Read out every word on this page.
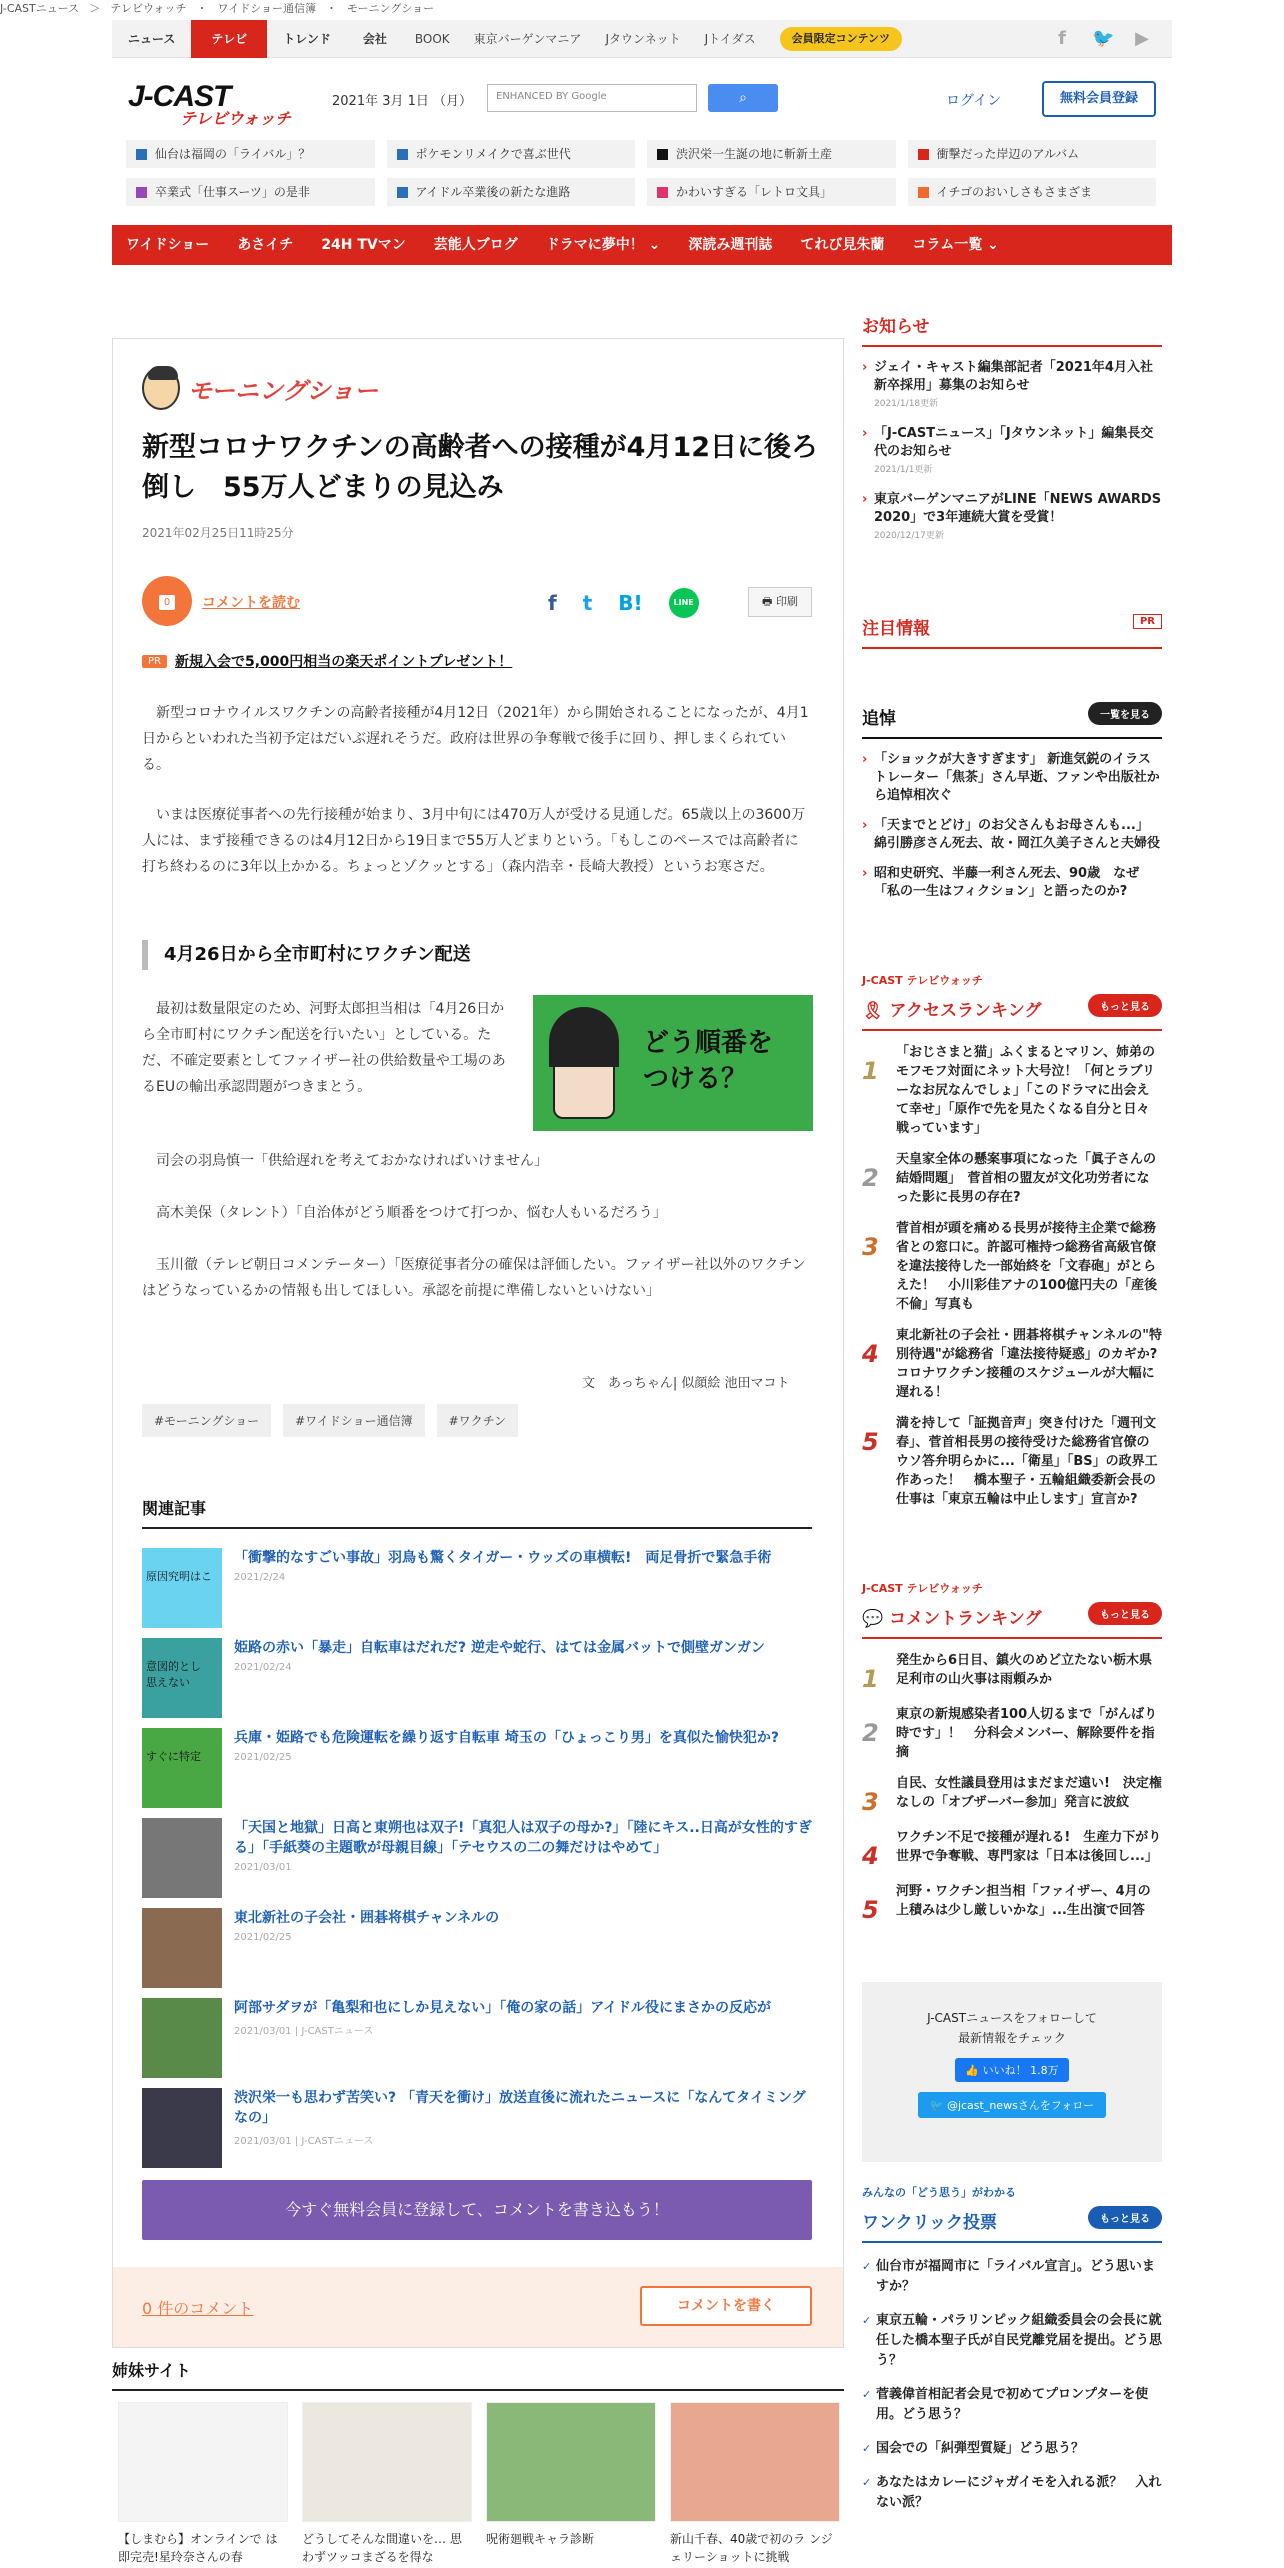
ニュース	テレビ	トレンド	会社	BOOK	東京バーゲンマニア	Jタウンネット	Jトイダス	会員限定コンテンツ	f	🐦 ▶
J-CAST
テレビウォッチ
2021年 3月 1日 （月）	ENHANCED BY Google	⌕	ログイン	無料会員登録
仙台は福岡の「ライバル」？	ポケモンリメイクで喜ぶ世代	渋沢栄一生誕の地に斬新土産	衝撃だった岸辺のアルバム
卒業式「仕事スーツ」の是非	アイドル卒業後の新たな進路	かわいすぎる「レトロ文具」	イチゴのおいしさもさまざま
ワイドショー	あさイチ	24H TVマン	芸能人ブログ	ドラマに夢中！ ⌄	深読み週刊誌	てれび見朱蘭	コラム一覧 ⌄
J-CASTニュース ＞ テレビウォッチ ・ ワイドショー通信簿 ・ モーニングショー
モーニングショー
新型コロナワクチンの高齢者への接種が4月12日に後ろ倒し　55万人どまりの見込み
2021年02月25日11時25分
0	コメントを読む	f t B!	LINE	🖶 印刷
PR	新規入会で5,000円相当の楽天ポイントプレゼント！

新型コロナウイルスワクチンの高齢者接種が4月12日（2021年）から開始されることになったが、4月1日からといわれた当初予定はだいぶ遅れそうだ。政府は世界の争奪戦で後手に回り、押しまくられている。

いまは医療従事者への先行接種が始まり、3月中旬には470万人が受ける見通しだ。65歳以上の3600万人には、まず接種できるのは4月12日から19日まで55万人どまりという。「もしこのペースでは高齢者に打ち終わるのに3年以上かかる。ちょっとゾクッとする」（森内浩幸・長崎大教授）というお寒さだ。

4月26日から全市町村にワクチン配送

最初は数量限定のため、河野太郎担当相は「4月26日から全市町村にワクチン配送を行いたい」としている。ただ、不確定要素としてファイザー社の供給数量や工場のあるEUの輸出承認問題がつきまとう。

どう順番を
つける？

司会の羽鳥慎一「供給遅れを考えておかなければいけません」

高木美保（タレント）「自治体がどう順番をつけて打つか、悩む人もいるだろう」

玉川徹（テレビ朝日コメンテーター）「医療従事者分の確保は評価したい。ファイザー社以外のワクチンはどうなっているかの情報も出してほしい。承認を前提に準備しないといけない」

文　あっちゃん| 似顔絵 池田マコト
#モーニングショー	#ワイドショー通信簿	#ワクチン
関連記事
原因究明はこ
「衝撃的なすごい事故」羽鳥も驚くタイガー・ウッズの車横転!　両足骨折で緊急手術
2021/2/24
意図的とし
思えない
姫路の赤い「暴走」自転車はだれだ? 逆走や蛇行、はては金属バットで側壁ガンガン
2021/02/24
すぐに特定
兵庫・姫路でも危険運転を繰り返す自転車 埼玉の「ひょっこり男」を真似た愉快犯か?
2021/02/25
「天国と地獄」日高と東朔也は双子!「真犯人は双子の母か?」「陸にキス..日高が女性的すぎる」「手紙葵の主題歌が母親目線」「テセウスの二の舞だけはやめて」
2021/03/01
東北新社の子会社・囲碁将棋チャンネルの
2021/02/25
阿部サダヲが「亀梨和也にしか見えない」「俺の家の話」アイドル役にまさかの反応が
2021/03/01 | J-CASTニュース
渋沢栄一も思わず苦笑い? 「青天を衝け」放送直後に流れたニュースに「なんてタイミングなの」
2021/03/01 | J-CASTニュース
今すぐ無料会員に登録して、コメントを書き込もう！
0 件のコメント	コメントを書く
姉妹サイト
【しまむら】オンラインで は即完売!星玲奈さんの春
どうしてそんな間違いを… 思わずツッコまざるを得な
呪術廻戦キャラ診断	新山千春、40歳で初のラ ンジェリーショットに挑戦
お知らせ
› ジェイ・キャスト編集部記者「2021年4月入社新卒採用」募集のお知らせ
2021/1/18更新
› 「J-CASTニュース」「Jタウンネット」編集長交代のお知らせ
2021/1/1更新
› 東京バーゲンマニアがLINE「NEWS AWARDS 2020」で3年連続大賞を受賞！
2020/12/17更新
注目情報	PR
追悼	一覧を見る
› 「ショックが大きすぎます」 新進気鋭のイラストレーター「焦茶」さん早逝、ファンや出版社から追悼相次ぐ
› 「天までとどけ」のお父さんもお母さんも...」　綿引勝彦さん死去、故・岡江久美子さんと夫婦役
› 昭和史研究、半藤一利さん死去、90歳　なぜ「私の一生はフィクション」と語ったのか?
J-CAST テレビウォッチ
🎗 アクセスランキング	もっと見る
1
「おじさまと猫」ふくまるとマリン、姉弟のモフモフ対面にネット大号泣！「何とラブリーなお尻なんでしょ」「このドラマに出会えて幸せ」「原作で先を見たくなる自分と日々戦っています」
2
天皇家全体の懸案事項になった「眞子さんの結婚問題」　菅首相の盟友が文化功労者になった影に長男の存在?
3
菅首相が頭を痛める長男が接待主企業で総務省との窓口に。許認可権持つ総務省高級官僚を違法接待した一部始終を「文春砲」がとらえた！　小川彩佳アナの100億円夫の「産後不倫」写真も
4
東北新社の子会社・囲碁将棋チャンネルの"特別待遇"が総務省「違法接待疑惑」のカギか?　コロナワクチン接種のスケジュールが大幅に遅れる！
5
満を持して「証拠音声」突き付けた「週刊文春」、菅首相長男の接待受けた総務省官僚のウソ答弁明らかに...「衛星」「BS」の政界工作あった！　橋本聖子・五輪組織委新会長の仕事は「東京五輪は中止します」宣言か?
J-CAST テレビウォッチ
💬 コメントランキング	もっと見る
1
発生から6日目、鎮火のめど立たない栃木県足利市の山火事は雨頼みか
2
東京の新規感染者100人切るまで「がんばり時です」！　分科会メンバー、解除要件を指摘
3
自民、女性議員登用はまだまだ遠い!　決定権なしの「オブザーバー参加」発言に波紋
4
ワクチン不足で接種が遅れる!　生産力下がり世界で争奪戦、専門家は「日本は後回し...」
5
河野・ワクチン担当相「ファイザー、4月の上積みは少し厳しいかな」...生出演で回答
J-CASTニュースをフォローして
最新情報をチェック
👍 いいね！ 1.8万
🐦 @jcast_newsさんをフォロー
みんなの「どう思う」がわかる
ワンクリック投票	もっと見る
✓ 仙台市が福岡市に「ライバル宣言」。どう思いますか？
✓ 東京五輪・パラリンピック組織委員会の会長に就任した橋本聖子氏が自民党離党届を提出。どう思う？
✓ 菅義偉首相記者会見で初めてプロンプターを使用。どう思う？
✓ 国会での「糾弾型質疑」どう思う？
✓ あなたはカレーにジャガイモを入れる派？　入れない派？
